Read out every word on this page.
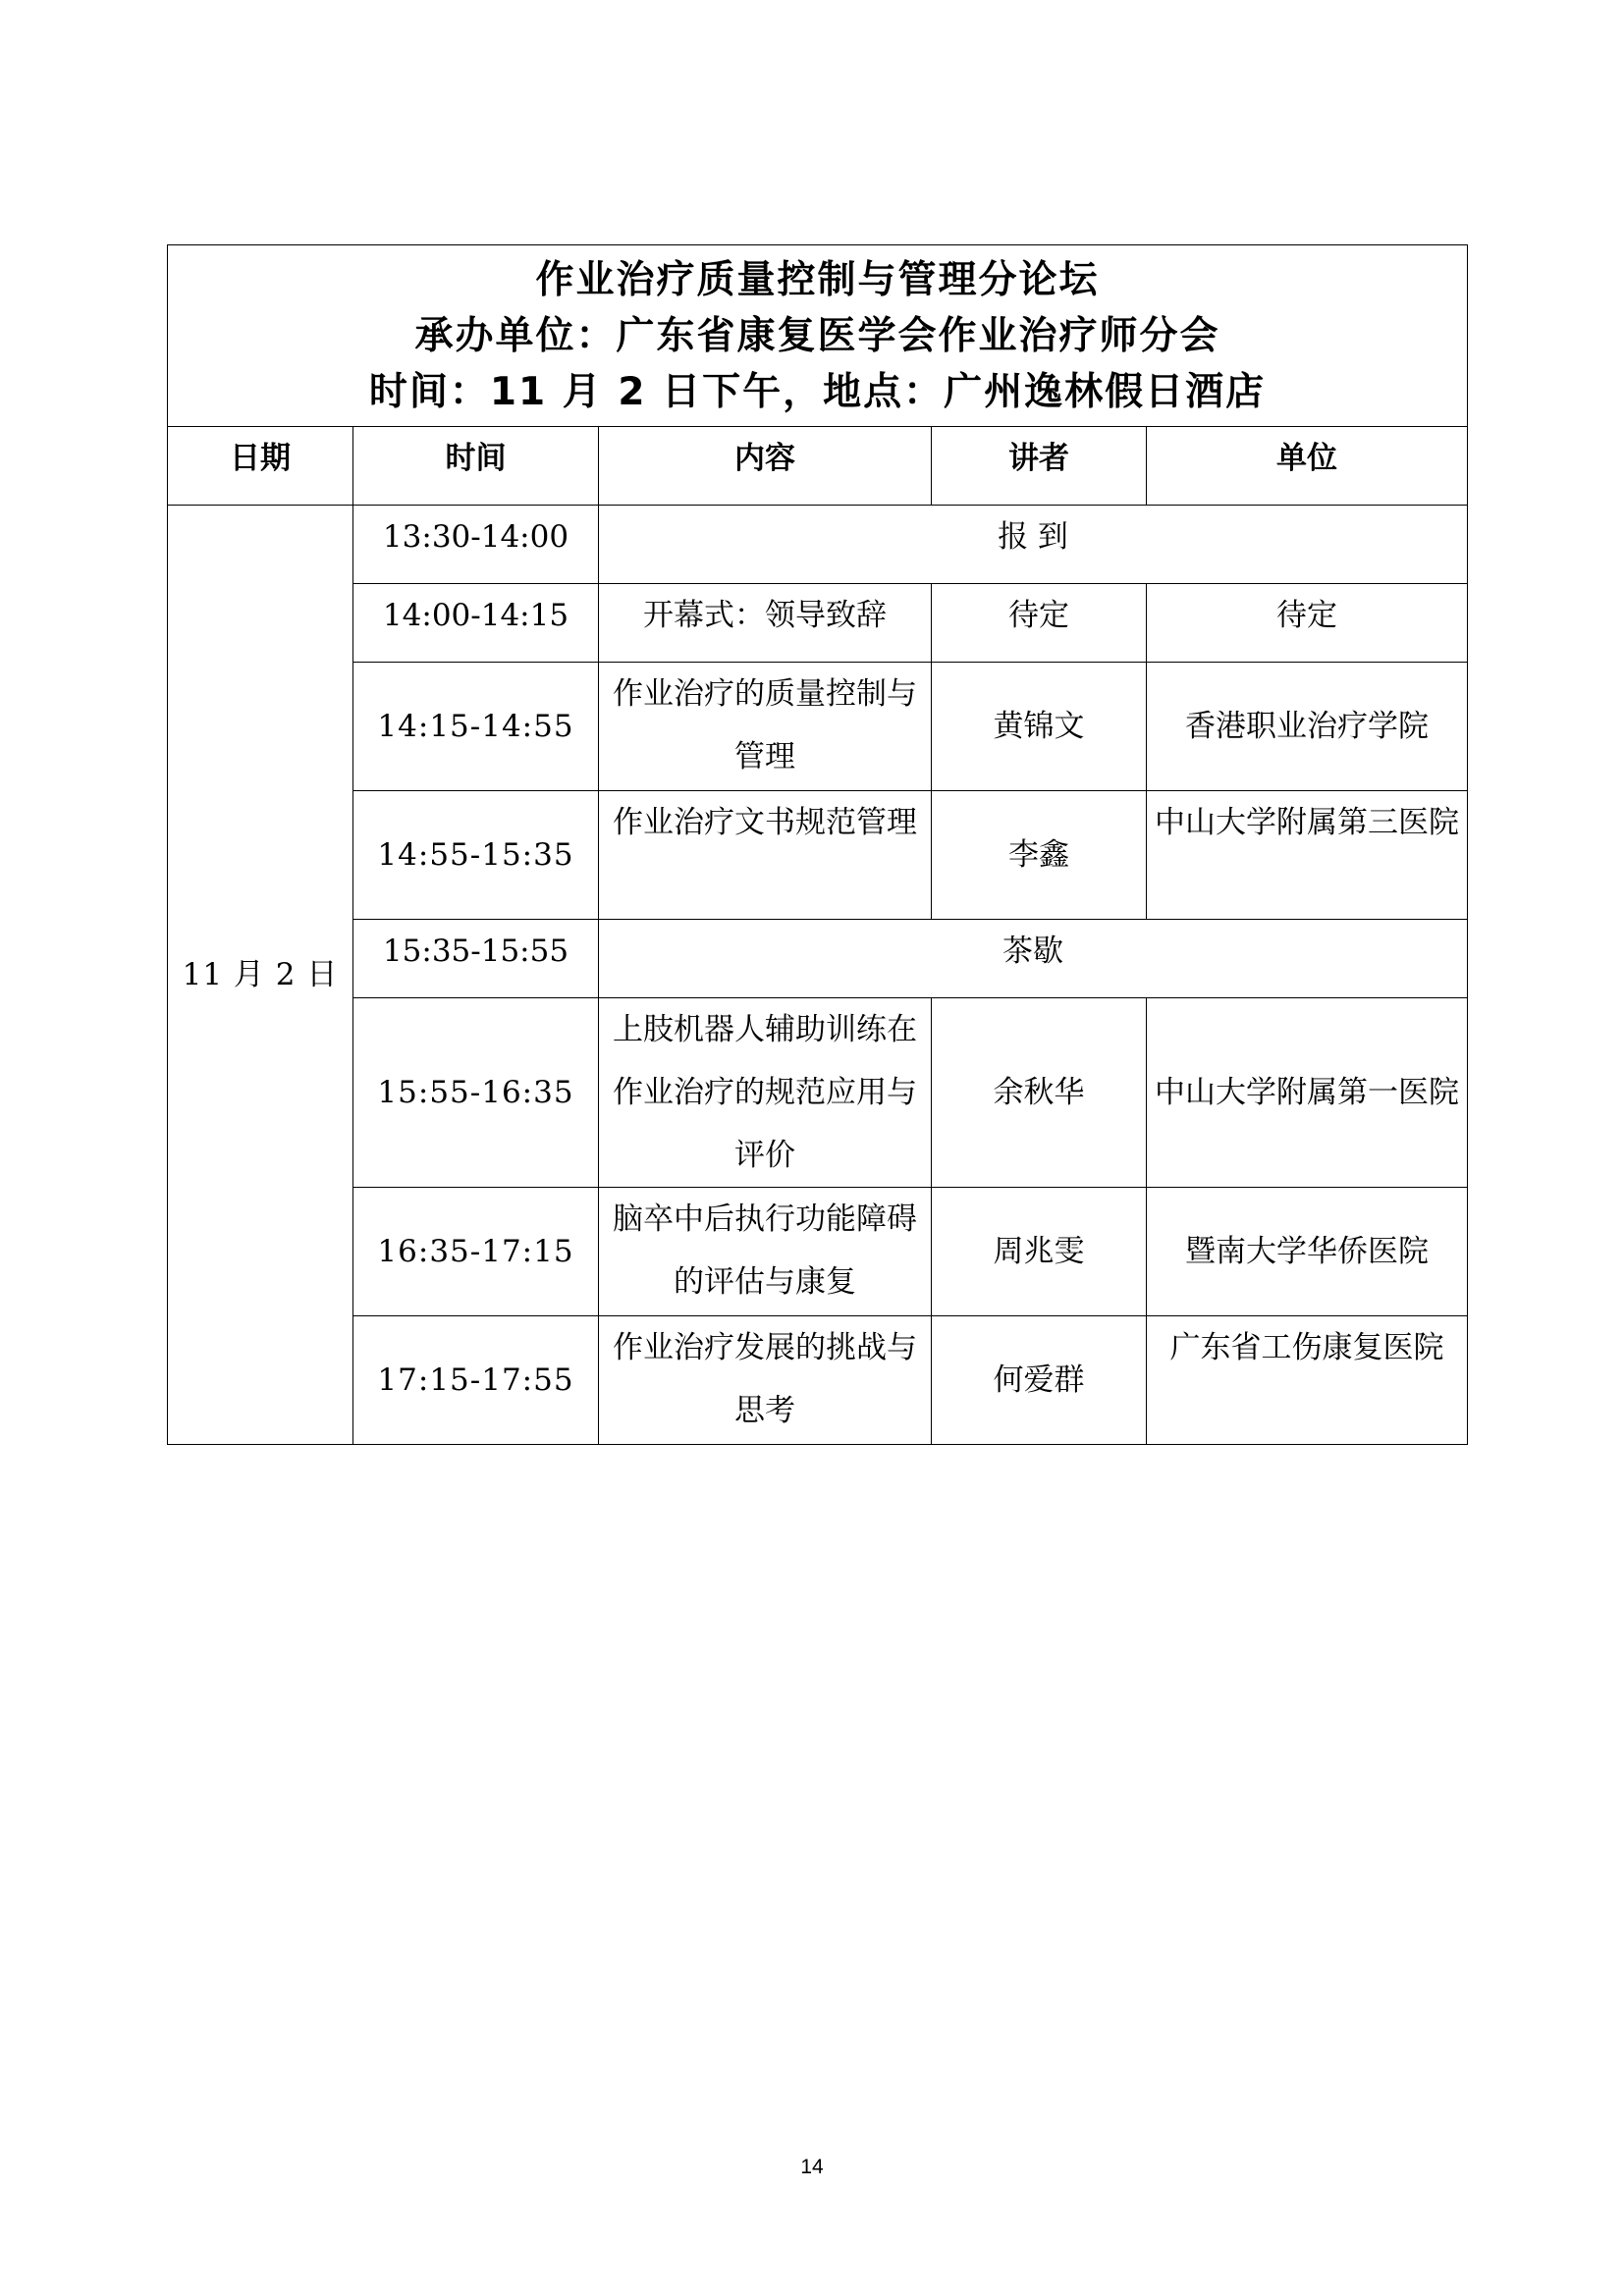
作业治疗质量控制与管理分论坛
承办单位：广东省康复医学会作业治疗师分会
时间：11 月 2 日下午，地点：广州逸林假日酒店				

日期	时间	内容	讲者	单位
11 月 2 日	13:30-14:00	报 到		
	14:00-14:15	开幕式：领导致辞	待定	待定
	14:15-14:55	作业治疗的质量控制与管理	黄锦文	香港职业治疗学院
	14:55-15:35	作业治疗文书规范管理	李鑫	中山大学附属第三医院
	15:35-15:55	茶歇		
	15:55-16:35	上肢机器人辅助训练在作业治疗的规范应用与评价	余秋华	中山大学附属第一医院
	16:35-17:15	脑卒中后执行功能障碍的评估与康复	周兆雯	暨南大学华侨医院
	17:15-17:55	作业治疗发展的挑战与思考	何爱群	广东省工伤康复医院
14
